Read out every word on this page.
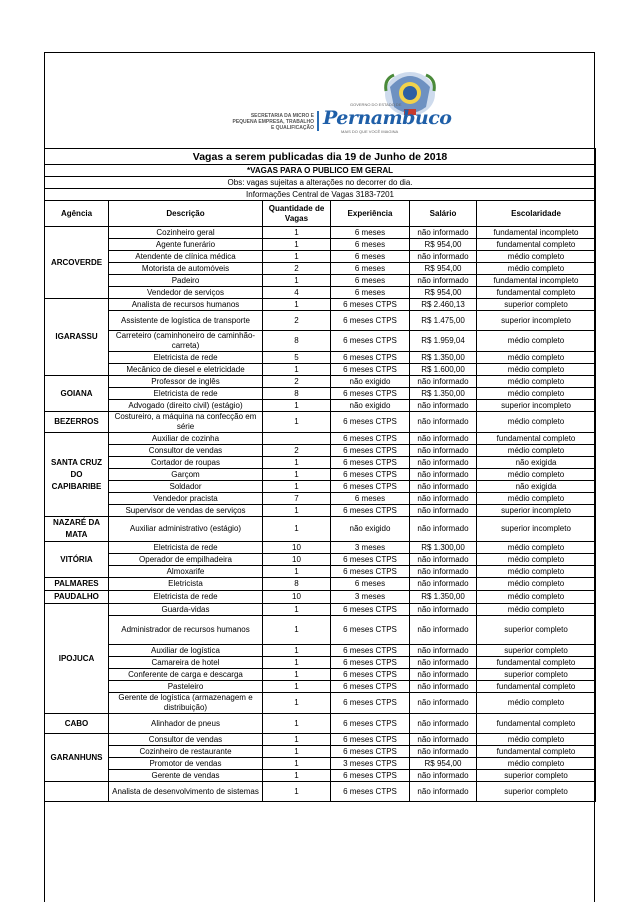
SECRETARIA DA MICRO E PEQUENA EMPRESA, TRABALHO E QUALIFICAÇÃO
GOVERNO DO ESTADO DE
Pernambuco
MAIS DO QUE VOCÊ IMAGINA
Vagas a serem publicadas dia 19 de Junho de 2018					
*VAGAS PARA O PUBLICO EM GERAL					
Obs: vagas sujeitas a alterações no decorrer do dia.					
Informações Central de Vagas 3183-7201					
Agência	Descrição	Quantidade de Vagas	Experiência	Salário	Escolaridade
ARCOVERDE	Cozinheiro geral	1	6 meses	não informado	fundamental incompleto
	Agente funerário	1	6 meses	R$ 954,00	fundamental completo
	Atendente de clínica médica	1	6 meses	não informado	médio completo
	Motorista de automóveis	2	6 meses	R$ 954,00	médio completo
	Padeiro	1	6 meses	não informado	fundamental incompleto
	Vendedor de serviços	4	6 meses	R$ 954,00	fundamental completo
IGARASSU	Analista de recursos humanos	1	6 meses CTPS	R$ 2.460,13	superior completo
	Assistente de logística de transporte	2	6 meses CTPS	R$ 1.475,00	superior incompleto
	Carreteiro (caminhoneiro de caminhão-carreta)	8	6 meses CTPS	R$ 1.959,04	médio completo
	Eletricista de rede	5	6 meses CTPS	R$ 1.350,00	médio completo
	Mecânico de diesel e eletricidade	1	6 meses CTPS	R$ 1.600,00	médio completo
GOIANA	Professor de inglês	2	não exigido	não informado	médio completo
	Eletricista de rede	8	6 meses CTPS	R$ 1.350,00	médio completo
	Advogado (direito civil) (estágio)	1	não exigido	não informado	superior incompleto
BEZERROS	Costureiro, a máquina na confecção em série	1	6 meses CTPS	não informado	médio completo
SANTA CRUZ DO CAPIBARIBE	Auxiliar de cozinha		6 meses CTPS	não informado	fundamental completo
	Consultor de vendas	2	6 meses CTPS	não informado	médio completo
	Cortador de roupas	1	6 meses CTPS	não informado	não exigida
	Garçom	1	6 meses CTPS	não informado	médio completo
	Soldador	1	6 meses CTPS	não informado	não exigida
	Vendedor pracista	7	6 meses	não informado	médio completo
	Supervisor de vendas de serviços	1	6 meses CTPS	não informado	superior incompleto
NAZARÉ DA MATA	Auxiliar administrativo (estágio)	1	não exigido	não informado	superior incompleto
VITÓRIA	Eletricista de rede	10	3 meses	R$ 1.300,00	médio completo
	Operador de empilhadeira	10	6 meses CTPS	não informado	médio completo
	Almoxarife	1	6 meses CTPS	não informado	médio completo
PALMARES	Eletricista	8	6 meses	não informado	médio completo
PAUDALHO	Eletricista de rede	10	3 meses	R$ 1.350,00	médio completo
IPOJUCA	Guarda-vidas	1	6 meses CTPS	não informado	médio completo
	Administrador de recursos humanos	1	6 meses CTPS	não informado	superior completo
	Auxiliar de logística	1	6 meses CTPS	não informado	superior completo
	Camareira de hotel	1	6 meses CTPS	não informado	fundamental completo
	Conferente de carga e descarga	1	6 meses CTPS	não informado	superior completo
	Pasteleiro	1	6 meses CTPS	não informado	fundamental completo
	Gerente de logística (armazenagem e distribuição)	1	6 meses CTPS	não informado	médio completo
CABO	Alinhador de pneus	1	6 meses CTPS	não informado	fundamental completo
GARANHUNS	Consultor de vendas	1	6 meses CTPS	não informado	médio completo
	Cozinheiro de restaurante	1	6 meses CTPS	não informado	fundamental completo
	Promotor de vendas	1	3 meses CTPS	R$ 954,00	médio completo
	Gerente de vendas	1	6 meses CTPS	não informado	superior completo
	Analista de desenvolvimento de sistemas	1	6 meses CTPS	não informado	superior completo
